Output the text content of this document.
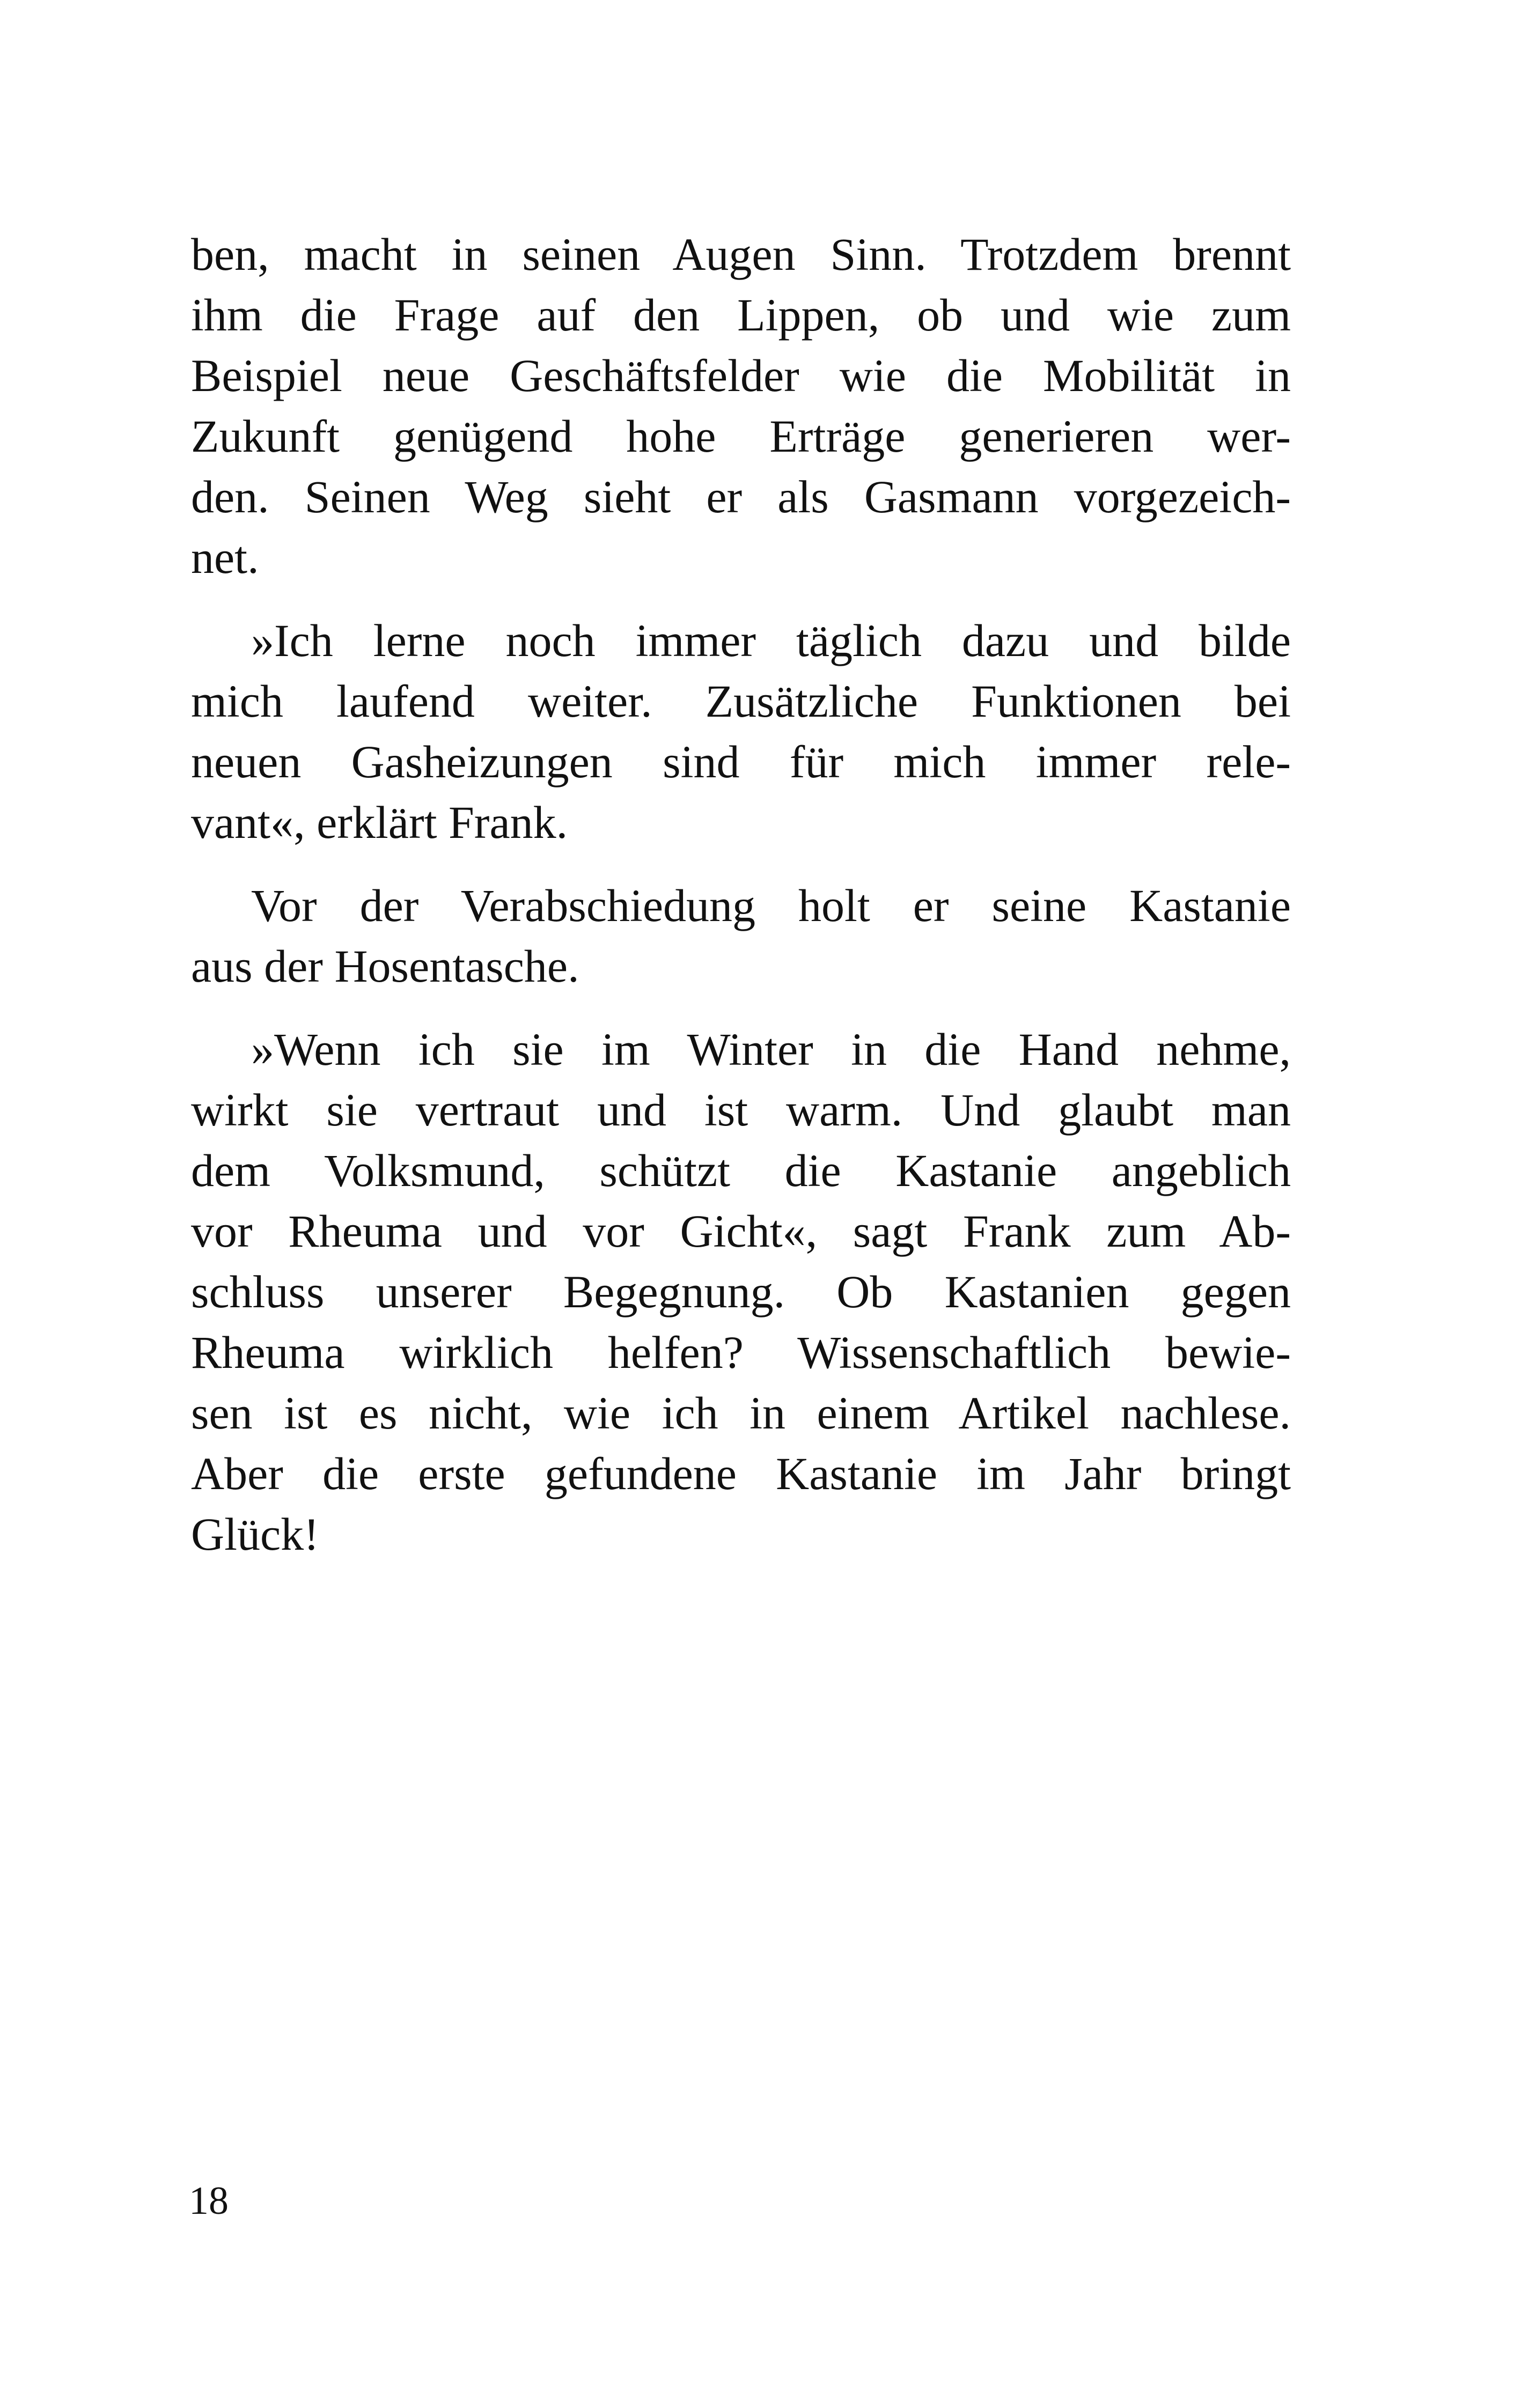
ben, macht in seinen Augen Sinn. Trotzdem brennt
ihm die Frage auf den Lippen, ob und wie zum
Beispiel neue Geschäftsfelder wie die Mobilität in
Zukunft genügend hohe Erträge generieren wer-
den. Seinen Weg sieht er als Gasmann vorgezeich-
net.

»Ich lerne noch immer täglich dazu und bilde
mich laufend weiter. Zusätzliche Funktionen bei
neuen Gasheizungen sind für mich immer rele-
vant«, erklärt Frank.

Vor der Verabschiedung holt er seine Kastanie
aus der Hosentasche.

»Wenn ich sie im Winter in die Hand nehme,
wirkt sie vertraut und ist warm. Und glaubt man
dem Volksmund, schützt die Kastanie angeblich
vor Rheuma und vor Gicht«, sagt Frank zum Ab-
schluss unserer Begegnung. Ob Kastanien gegen
Rheuma wirklich helfen? Wissenschaftlich bewie-
sen ist es nicht, wie ich in einem Artikel nachlese.
Aber die erste gefundene Kastanie im Jahr bringt
Glück!

18
